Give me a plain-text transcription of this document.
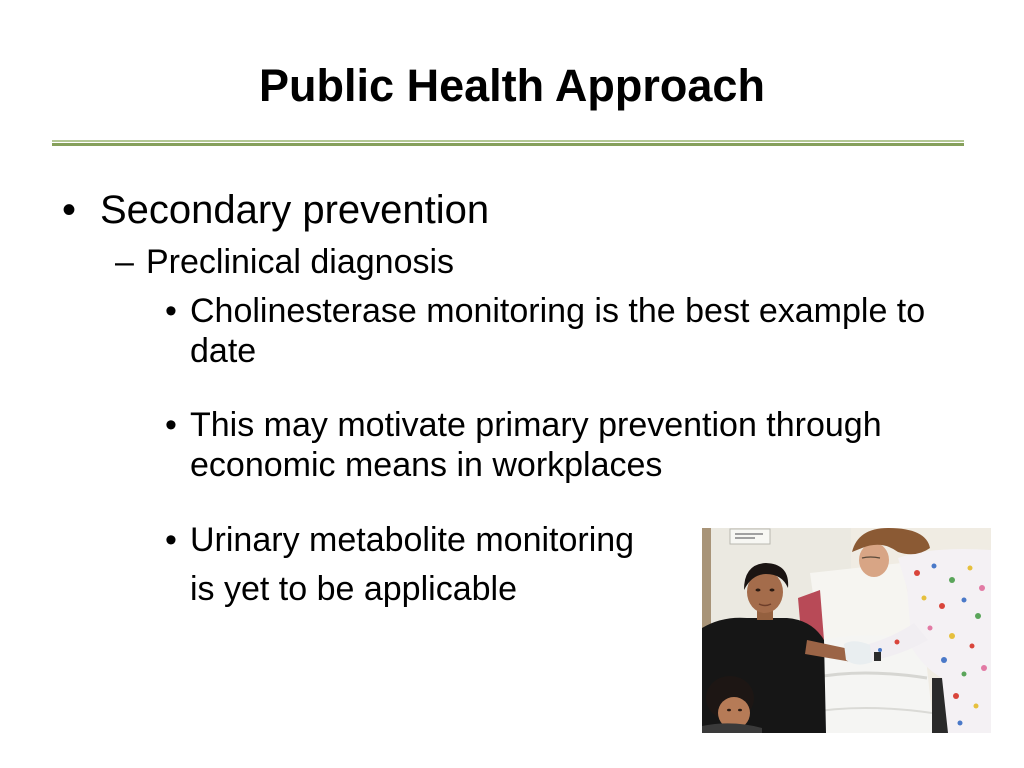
Public Health Approach
• Secondary prevention
– Preclinical diagnosis
• Cholinesterase monitoring is the best example to date
• This may motivate primary prevention through economic means in workplaces
• Urinary metabolite monitoring
is yet to be applicable
